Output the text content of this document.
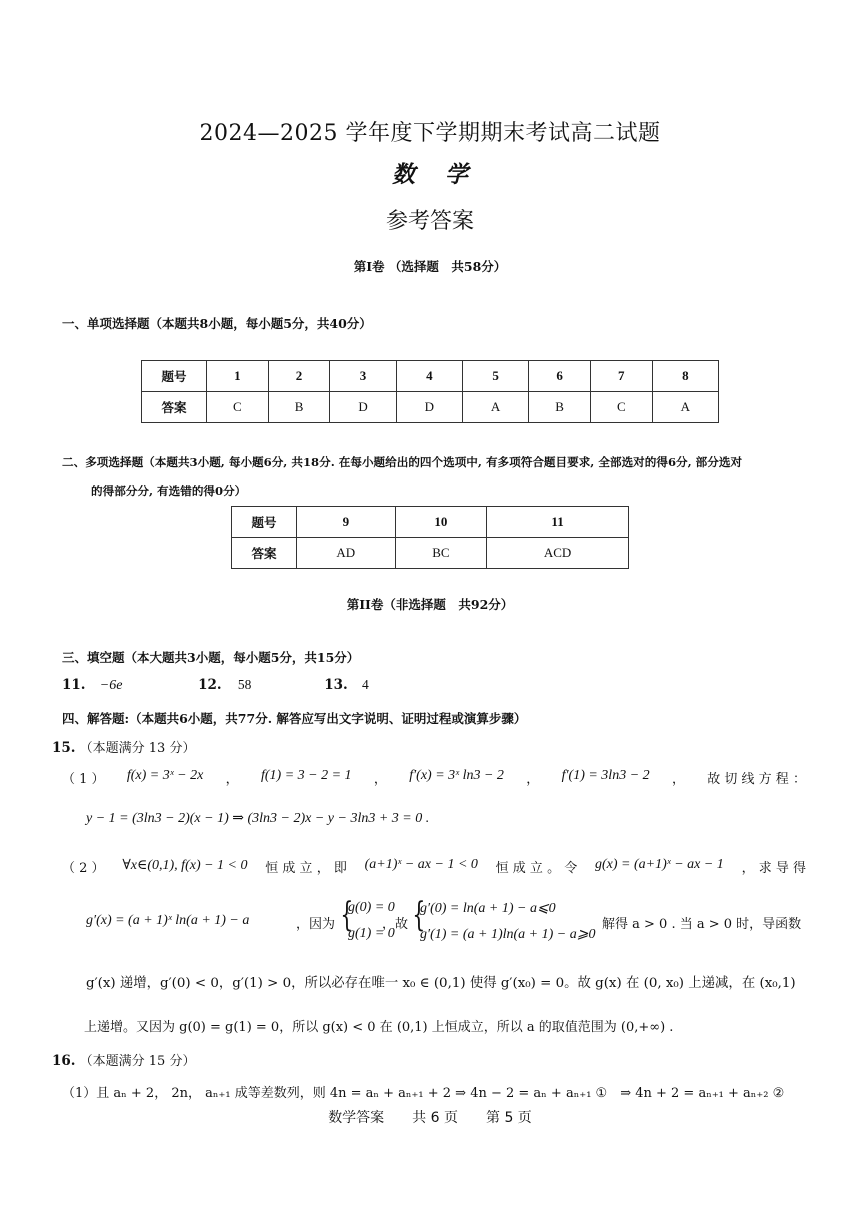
2024—2025 学年度下学期期末考试高二试题
数学
参考答案
第I卷 （选择题　共58分）
一、单项选择题（本题共8小题，每小题5分，共40分）
题号	1	2	3	4	5	6	7	8
答案	C	B	D	D	A	B	C	A
二、多项选择题（本题共3小题, 每小题6分, 共18分. 在每小题给出的四个选项中, 有多项符合题目要求, 全部选对的得6分, 部分选对
的得部分分, 有选错的得0分）
题号	9	10	11
答案	AD	BC	ACD
第II卷（非选择题　共92分）
三、填空题（本大题共3小题，每小题5分，共15分）
11. −6e	12. 58	13. 4
四、解答题:（本题共6小题，共77分. 解答应写出文字说明、证明过程或演算步骤）
15. （本题满分 13 分）
（ 1 ） f(x) = 3ˣ − 2x ， f(1) = 3 − 2 = 1 ， f′(x) = 3ˣ ln3 − 2 ， f′(1) = 3ln3 − 2 ， 故 切 线 方 程 ：
y − 1 = (3ln3 − 2)(x − 1) ⇒ (3ln3 − 2)x − y − 3ln3 + 3 = 0 .
（ 2 ） ∀x∈(0,1), f(x) − 1 < 0 恒 成 立 ， 即 (a+1)ˣ − ax − 1 < 0 恒 成 立 。 令 g(x) = (a+1)ˣ − ax − 1 ， 求 导 得
g′(x) = (a + 1)ˣ ln(a + 1) − a	，因为 {
g(0) = 0
g(1) = 0
，故 {
g′(0) = ln(a + 1) − a⩽0
g′(1) = (a + 1)ln(a + 1) − a⩾0
解得 a > 0 . 当 a > 0 时，导函数
g′(x) 递增，g′(0) < 0，g′(1) > 0，所以必存在唯一 x₀ ∈ (0,1) 使得 g′(x₀) = 0。故 g(x) 在 (0, x₀) 上递减，在 (x₀,1)
上递增。又因为 g(0) = g(1) = 0，所以 g(x) < 0 在 (0,1) 上恒成立，所以 a 的取值范围为 (0,+∞) .
16. （本题满分 15 分）
（1）且 aₙ + 2， 2n， aₙ₊₁ 成等差数列，则 4n = aₙ + aₙ₊₁ + 2 ⇒ 4n − 2 = aₙ + aₙ₊₁ ①　⇒ 4n + 2 = aₙ₊₁ + aₙ₊₂ ②
数学答案　　共 6 页　　第 5 页
